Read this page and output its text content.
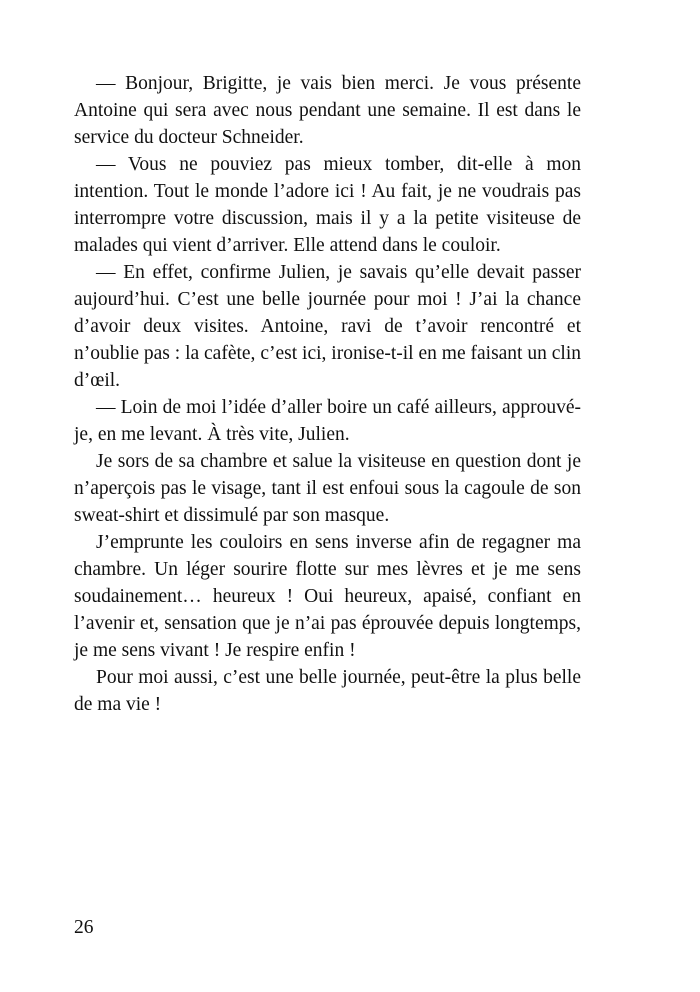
— Bonjour, Brigitte, je vais bien merci. Je vous présente Antoine qui sera avec nous pendant une semaine. Il est dans le service du docteur Schneider.

— Vous ne pouviez pas mieux tomber, dit-elle à mon intention. Tout le monde l’adore ici ! Au fait, je ne voudrais pas interrompre votre discussion, mais il y a la petite visiteuse de malades qui vient d’arriver. Elle attend dans le couloir.

— En effet, confirme Julien, je savais qu’elle devait passer aujourd’hui. C’est une belle journée pour moi ! J’ai la chance d’avoir deux visites. Antoine, ravi de t’avoir rencontré et n’oublie pas : la cafète, c’est ici, ironise-t-il en me faisant un clin d’œil.

— Loin de moi l’idée d’aller boire un café ailleurs, approuvé-je, en me levant. À très vite, Julien.

Je sors de sa chambre et salue la visiteuse en question dont je n’aperçois pas le visage, tant il est enfoui sous la cagoule de son sweat-shirt et dissimulé par son masque.

J’emprunte les couloirs en sens inverse afin de regagner ma chambre. Un léger sourire flotte sur mes lèvres et je me sens soudainement… heureux ! Oui heureux, apaisé, confiant en l’avenir et, sensation que je n’ai pas éprouvée depuis longtemps, je me sens vivant ! Je respire enfin !

Pour moi aussi, c’est une belle journée, peut-être la plus belle de ma vie !

26
